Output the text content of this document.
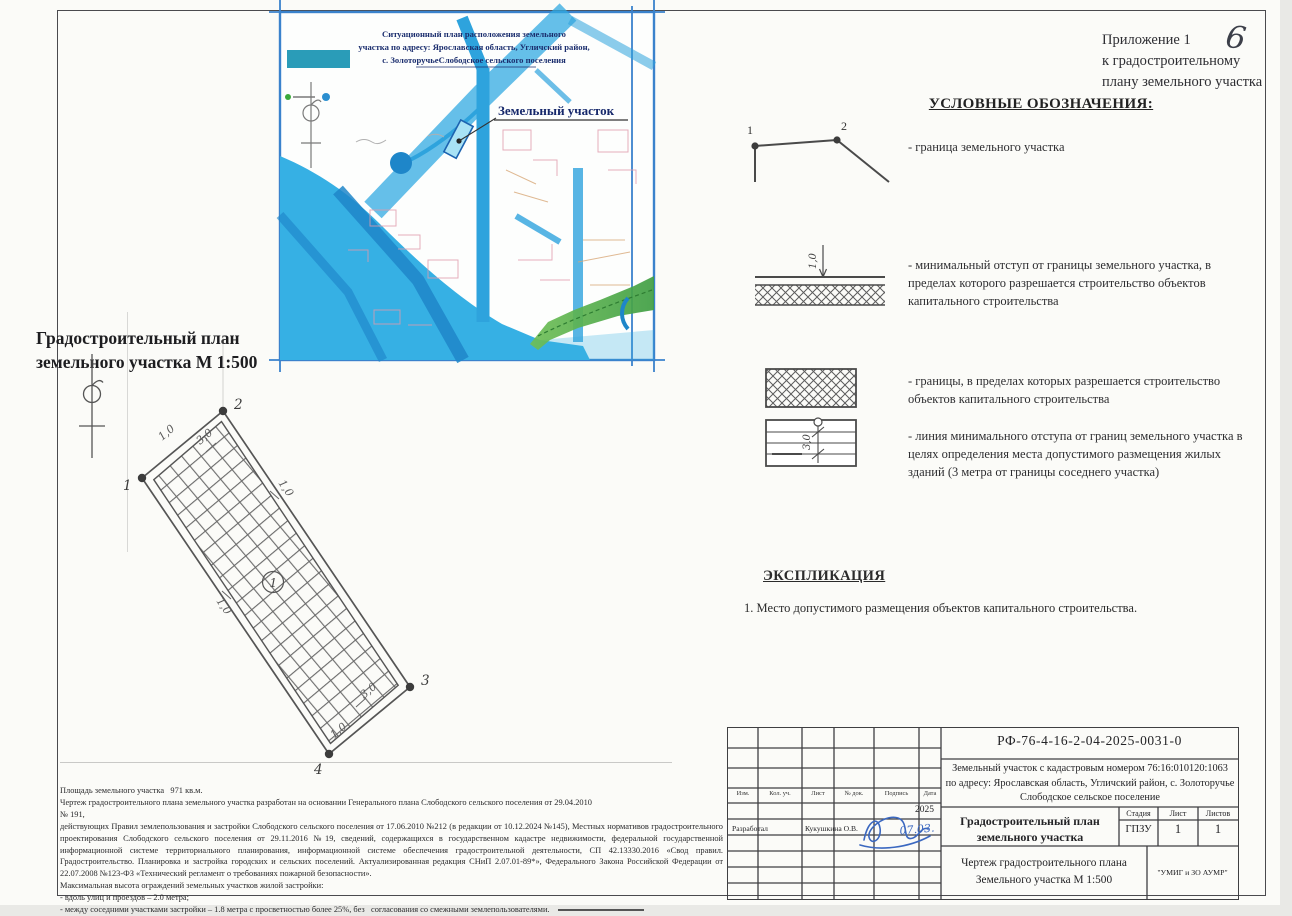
Земельный участок
Ситуационный план расположения земельного
участка по адресу: Ярославская область, Угличский район,
с. ЗолоторучьеСлободское сельского поселения
Приложение 1
к градостроительному
плану земельного участка
6
УСЛОВНЫЕ ОБОЗНАЧЕНИЯ:
1	2
- граница земельного участка
1,0	- минимальный отступ от границы земельного участка, в пределах которого разрешается строительство объектов капитального строительства
- границы, в пределах которых разрешается строительство объектов капитального строительства
3,0	- линия минимального отступа от границ земельного участка в целях определения места допустимого размещения жилых зданий (3 метра от границы соседнего участка)
ЭКСПЛИКАЦИЯ
1. Место допустимого размещения объектов капитального строительства.
Градостроительный план
земельного участка М 1:500
1
2
3
4
1,0 3,0
1,0
1,0
3,0
1,0
1
Площадь земельного участка   971 кв.м.
Чертеж градостроительного плана земельного участка разработан на основании Генерального плана Слободского сельского поселения от 29.04.2010
№ 191,
действующих Правил землепользования и застройки Слободского сельского поселения от 17.06.2010 №212 (в редакции от 10.12.2024 №145), Местных нормативов градостроительного проектирования Слободского сельского поселения от 29.11.2016 №19, сведений, содержащихся в государственном кадастре недвижимости, федеральной государственной информационной системе территориального планирования, информационной системе обеспечения градостроительной деятельности, СП 42.13330.2016 «Свод правил. Градостроительство. Планировка и застройка городских и сельских поселений. Актуализированная редакция СНиП 2.07.01-89*», Федерального Закона Российской Федерации от 22.07.2008 №123-ФЗ «Технический регламент о требованиях пожарной безопасности».
Максимальная высота ограждений земельных участков жилой застройки:
- вдоль улиц и проездов – 2.0 метра;
- между соседними участками застройки – 1.8 метра с просветностью более 25%, без   согласования со смежными землепользователями.
РФ-76-4-16-2-04-2025-0031-0
Земельный участок с кадастровым номером 76:16:010120:1063
по адресу: Ярославская область, Угличский район, с. Золоторучье
Слободское сельское поселение
Изм.	Кол. уч.	Лист	№ док.	Подпись	Дата
2025
Разработал	Кукушкина О.В.	07.03.
Градостроительный план
земельного участка
Стадия	Лист	Листов
ГПЗУ	1	1
Чертеж градостроительного плана
Земельного участка М 1:500
"УМИГ и ЗО АУМР"
